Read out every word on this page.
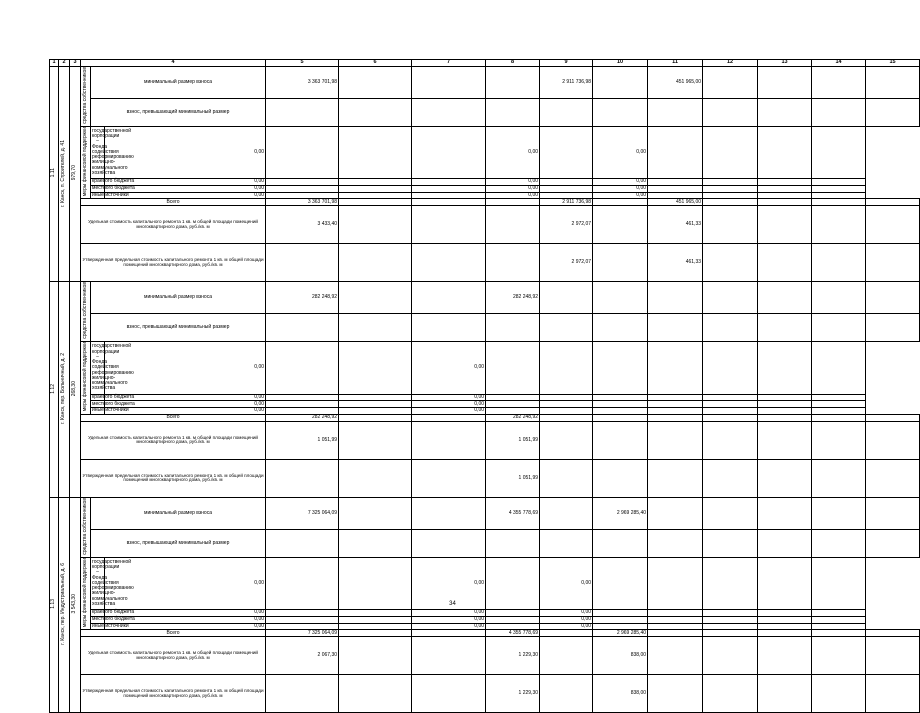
1	2	3	4			5	6	7	8	9	10	11	12	13	14	15
1.11	г. Канск, п. Строителей, д. 41	979,70	средства собственников	минимальный размер взноса		3 363 701,98				2 911 736,98		451 965,00				
				взнос, превышающий минимальный размер												
			меры финансовой поддержки	государственной корпорации – Фонда содействия реформированию жилищно-коммунального хозяйства	0,00				0,00		0,00					
				краевого бюджета	0,00				0,00		0,00					
				местного бюджета	0,00				0,00		0,00					
				иные источники	0,00				0,00		0,00					
			Всего			3 363 701,98				2 911 736,98		451 965,00				
			Удельная стоимость капитального ремонта 1 кв. м общей площади помещений многоквартирного дома, руб./кв. м			3 433,40				2 972,07		461,33				
			Утвержденная предельная стоимость капитального ремонта 1 кв. м общей площади помещений многоквартирного дома, руб./кв. м							2 972,07		461,33				
1.12	г. Канск, пер. Больничный, д. 2	268,30	средства собственников	минимальный размер взноса		282 248,92			282 248,92							
				взнос, превышающий минимальный размер												
			меры финансовой поддержки	государственной корпорации – Фонда содействия реформированию жилищно-коммунального хозяйства	0,00			0,00								
				краевого бюджета	0,00			0,00								
				местного бюджета	0,00			0,00								
				иные источники	0,00			0,00								
			Всего			282 248,92			282 248,92							
			Удельная стоимость капитального ремонта 1 кв. м общей площади помещений многоквартирного дома, руб./кв. м			1 051,99			1 051,99							
			Утвержденная предельная стоимость капитального ремонта 1 кв. м общей площади помещений многоквартирного дома, руб./кв. м						1 051,99							
1.13	г. Канск, пер. Индустриальный, д. 6	3 543,30	средства собственников	минимальный размер взноса		7 325 064,09			4 355 778,69		2 969 285,40					
				взнос, превышающий минимальный размер												
			меры финансовой поддержки	государственной корпорации – Фонда содействия реформированию жилищно-коммунального хозяйства	0,00			0,00		0,00						
				краевого бюджета	0,00			0,00		0,00						
				местного бюджета	0,00			0,00		0,00						
				иные источники	0,00			0,00		0,00						
			Всего			7 325 064,09			4 355 778,69		2 969 285,40					
			Удельная стоимость капитального ремонта 1 кв. м общей площади помещений многоквартирного дома, руб./кв. м			2 067,30			1 229,30		838,00					
			Утвержденная предельная стоимость капитального ремонта 1 кв. м общей площади помещений многоквартирного дома, руб./кв. м						1 229,30		838,00					
34
